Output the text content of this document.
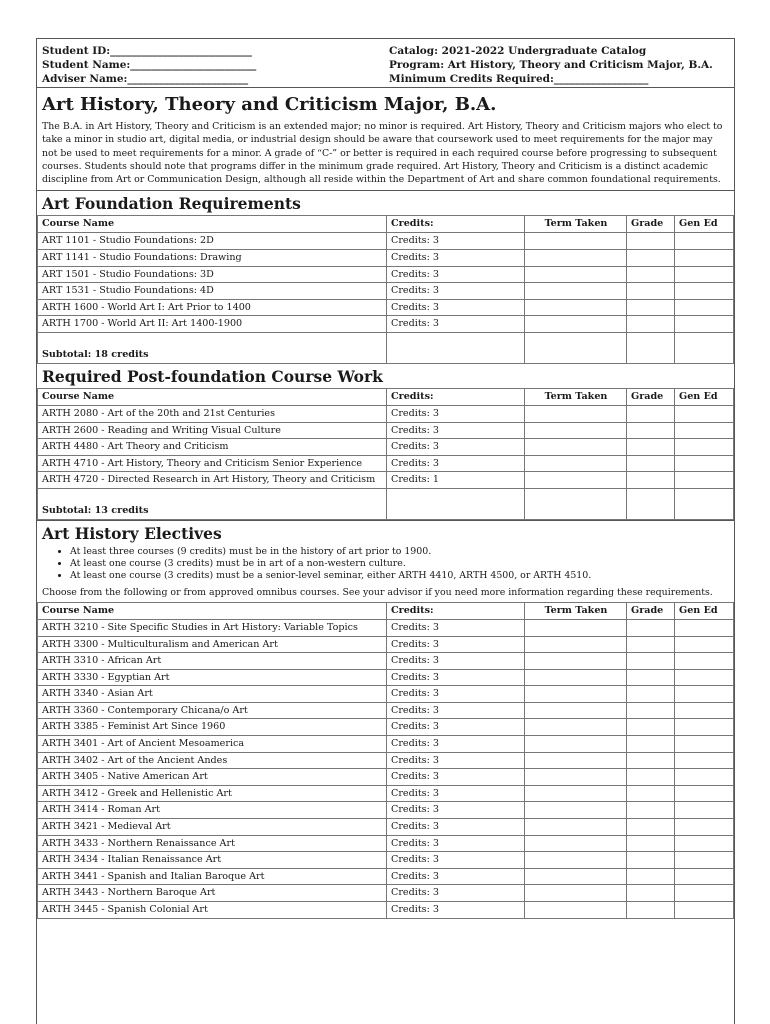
Student ID:___________________________
Student Name:________________________
Adviser Name:_______________________
Catalog: 2021-2022 Undergraduate Catalog
Program: Art History, Theory and Criticism Major, B.A.
Minimum Credits Required:__________________
Art History, Theory and Criticism Major, B.A.

The B.A. in Art History, Theory and Criticism is an extended major; no minor is required. Art History, Theory and Criticism majors who elect to take a minor in studio art, digital media, or industrial design should be aware that coursework used to meet requirements for the major may not be used to meet requirements for a minor. A grade of “C-” or better is required in each required course before progressing to subsequent courses. Students should note that programs differ in the minimum grade required. Art History, Theory and Criticism is a distinct academic discipline from Art or Communication Design, although all reside within the Department of Art and share common foundational requirements.

Art Foundation Requirements
Course Name	Credits:	Term Taken	Grade	Gen Ed
ART 1101 - Studio Foundations: 2D	Credits: 3			
ART 1141 - Studio Foundations: Drawing	Credits: 3			
ART 1501 - Studio Foundations: 3D	Credits: 3			
ART 1531 - Studio Foundations: 4D	Credits: 3			
ARTH 1600 - World Art I: Art Prior to 1400	Credits: 3			
ARTH 1700 - World Art II: Art 1400-1900	Credits: 3			
Subtotal: 18 credits				
Required Post-foundation Course Work
Course Name	Credits:	Term Taken	Grade	Gen Ed
ARTH 2080 - Art of the 20th and 21st Centuries	Credits: 3			
ARTH 2600 - Reading and Writing Visual Culture	Credits: 3			
ARTH 4480 - Art Theory and Criticism	Credits: 3			
ARTH 4710 - Art History, Theory and Criticism Senior Experience	Credits: 3			
ARTH 4720 - Directed Research in Art History, Theory and Criticism	Credits: 1			
Subtotal: 13 credits				
Art History Electives
• At least three courses (9 credits) must be in the history of art prior to 1900.
• At least one course (3 credits) must be in art of a non-western culture.
• At least one course (3 credits) must be a senior-level seminar, either ARTH 4410, ARTH 4500, or ARTH 4510.

Choose from the following or from approved omnibus courses. See your advisor if you need more information regarding these requirements.

Course Name	Credits:	Term Taken	Grade	Gen Ed
ARTH 3210 - Site Specific Studies in Art History: Variable Topics	Credits: 3			
ARTH 3300 - Multiculturalism and American Art	Credits: 3			
ARTH 3310 - African Art	Credits: 3			
ARTH 3330 - Egyptian Art	Credits: 3			
ARTH 3340 - Asian Art	Credits: 3			
ARTH 3360 - Contemporary Chicana/o Art	Credits: 3			
ARTH 3385 - Feminist Art Since 1960	Credits: 3			
ARTH 3401 - Art of Ancient Mesoamerica	Credits: 3			
ARTH 3402 - Art of the Ancient Andes	Credits: 3			
ARTH 3405 - Native American Art	Credits: 3			
ARTH 3412 - Greek and Hellenistic Art	Credits: 3			
ARTH 3414 - Roman Art	Credits: 3			
ARTH 3421 - Medieval Art	Credits: 3			
ARTH 3433 - Northern Renaissance Art	Credits: 3			
ARTH 3434 - Italian Renaissance Art	Credits: 3			
ARTH 3441 - Spanish and Italian Baroque Art	Credits: 3			
ARTH 3443 - Northern Baroque Art	Credits: 3			
ARTH 3445 - Spanish Colonial Art	Credits: 3			
